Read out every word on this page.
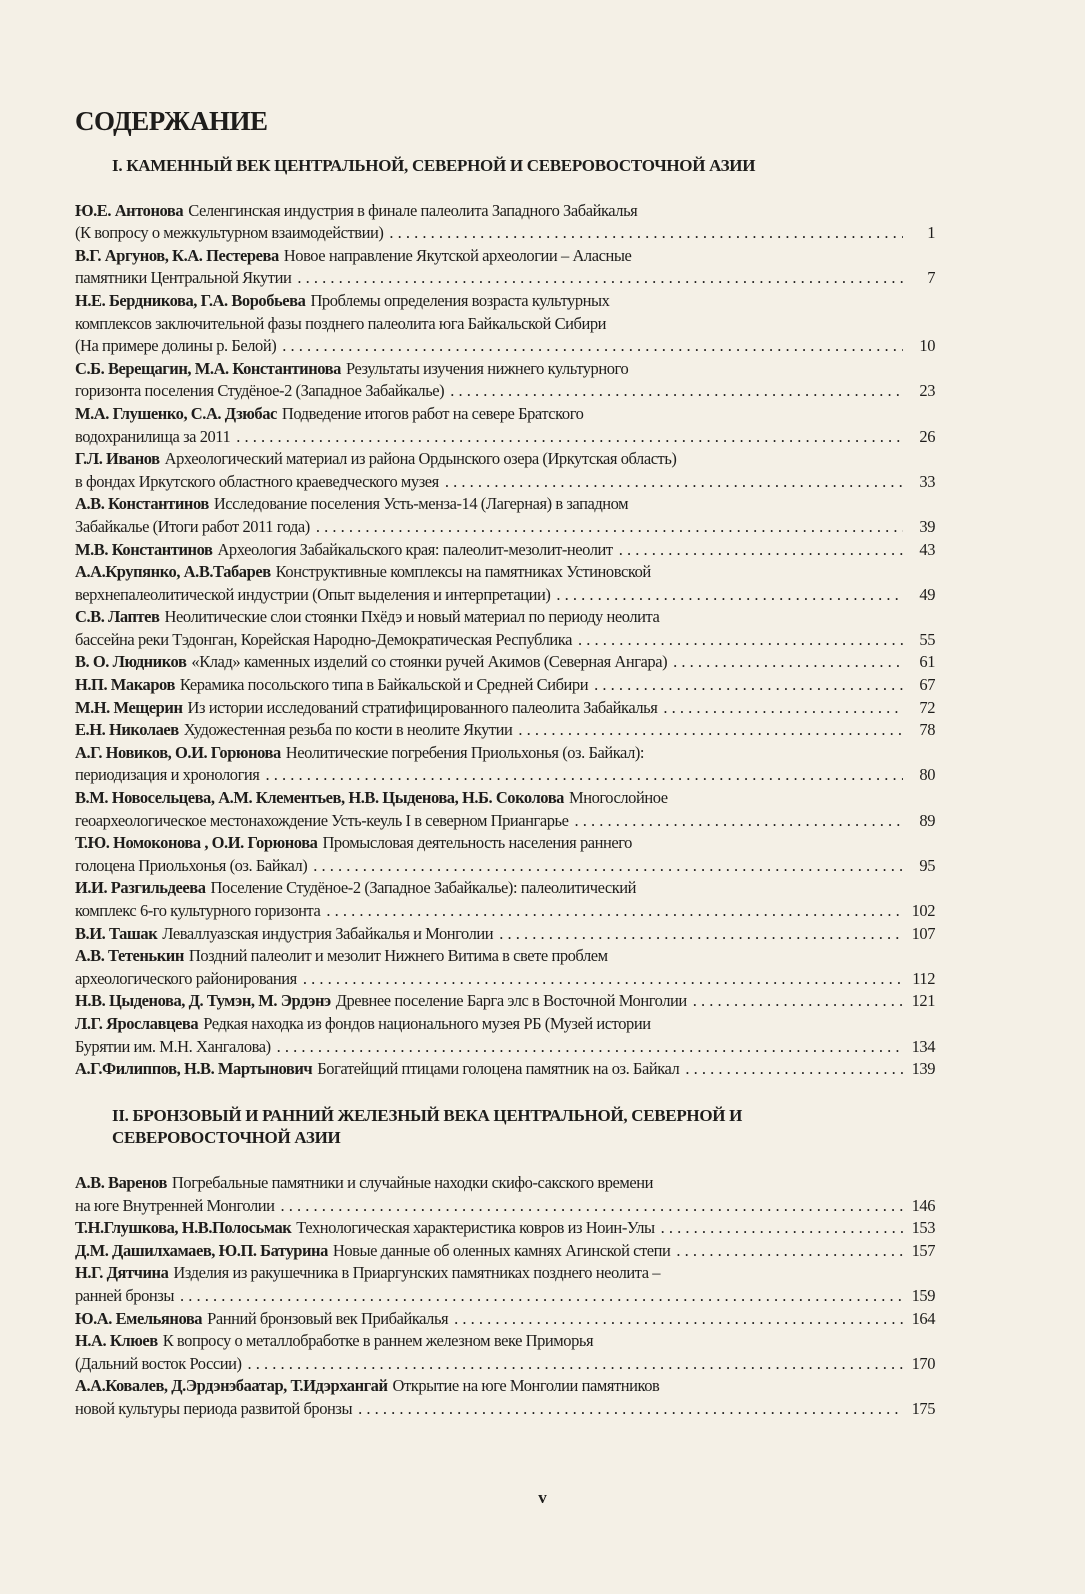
СОДЕРЖАНИЕ
I. КАМЕННЫЙ ВЕК ЦЕНТРАЛЬНОЙ, СЕВЕРНОЙ И СЕВЕРОВОСТОЧНОЙ АЗИИ
Ю.Е. Антонова Селенгинская индустрия в финале палеолита Западного Забайкалья
(К вопросу о межкультурном взаимодействии) . . .	1
В.Г. Аргунов, К.А. Пестерева Новое направление Якутской археологии – Аласные
памятники Центральной Якутии . . .	7
Н.Е. Бердникова, Г.А. Воробьева Проблемы определения возраста культурных
комплексов заключительной фазы позднего палеолита юга Байкальской Сибири
(На примере долины р. Белой) . . .	10
С.Б. Верещагин, М.А. Константинова Результаты изучения нижнего культурного
горизонта поселения Студёное-2 (Западное Забайкалье) . . .	23
М.А. Глушенко, С.А. Дзюбас Подведение итогов работ на севере Братского
водохранилища за 2011 . . .	26
Г.Л. Иванов Археологический материал из района Ордынского озера (Иркутская область)
в фондах Иркутского областного краеведческого музея . . .	33
А.В. Константинов Исследование поселения Усть-менза-14 (Лагерная) в западном
Забайкалье (Итоги работ 2011 года) . . .	39
М.В. Константинов Археология Забайкальского края: палеолит-мезолит-неолит . . .	43
А.А.Крупянко, А.В.Табарев Конструктивные комплексы на памятниках Устиновской
верхнепалеолитической индустрии (Опыт выделения и интерпретации) . . .	49
С.В. Лаптев Неолитические слои стоянки Пхёдэ и новый материал по периоду неолита
бассейна реки Тэдонган, Корейская Народно-Демократическая Республика . . .	55
В. О. Людников «Клад» каменных изделий со стоянки ручей Акимов (Северная Ангара) . . .	61
Н.П. Макаров Керамика посольского типа в Байкальской и Средней Сибири . . .	67
М.Н. Мещерин Из истории исследований стратифицированного палеолита Забайкалья . . .	72
Е.Н. Николаев Художестенная резьба по кости в неолите Якутии . . .	78
А.Г. Новиков, О.И. Горюнова Неолитические погребения Приольхонья (оз. Байкал):
периодизация и хронология . . .	80
В.М. Новосельцева, А.М. Клементьев, Н.В. Цыденова, Н.Б. Соколова Многослойное
геоархеологическое местонахождение Усть-кеуль I в северном Приангарье . . .	89
Т.Ю. Номоконова , О.И. Горюнова Промысловая деятельность населения раннего
голоцена Приольхонья (оз. Байкал) . . .	95
И.И. Разгильдеева Поселение Студёное-2 (Западное Забайкалье): палеолитический
комплекс 6-го культурного горизонта . . .	102
В.И. Ташак Леваллуазская индустрия Забайкалья и Монголии . . .	107
А.В. Тетенькин Поздний палеолит и мезолит Нижнего Витима в свете проблем
археологического районирования . . .	112
Н.В. Цыденова, Д. Тумэн, М. Эрдэнэ Древнее поселение Барга элс в Восточной Монголии . . .	121
Л.Г. Ярославцева Редкая находка из фондов национального музея РБ (Музей истории
Бурятии им. М.Н. Хангалова) . . .	134
А.Г.Филиппов, Н.В. Мартынович Богатейщий птицами голоцена памятник на оз. Байкал . . .	139
II. БРОНЗОВЫЙ И РАННИЙ ЖЕЛЕЗНЫЙ ВЕКА ЦЕНТРАЛЬНОЙ, СЕВЕРНОЙ И
СЕВЕРОВОСТОЧНОЙ АЗИИ
А.В. Варенов Погребальные памятники и случайные находки скифо-сакского времени
на юге Внутренней Монголии . . .	146
Т.Н.Глушкова, Н.В.Полосьмак Технологическая характеристика ковров из Ноин-Улы . . .	153
Д.М. Дашилхамаев, Ю.П. Батурина Новые данные об оленных камнях Агинской степи . . .	157
Н.Г. Дятчина Изделия из ракушечника в Приаргунских памятниках позднего неолита –
ранней бронзы . . .	159
Ю.А. Емельянова Ранний бронзовый век Прибайкалья . . .	164
Н.А. Клюев К вопросу о металлобработке в раннем железном веке Приморья
(Дальний восток России) . . .	170
А.А.Ковалев, Д.Эрдэнэбаатар, Т.Идэрхангай Открытие на юге Монголии памятников
новой культуры периода развитой бронзы . . .	175
v
